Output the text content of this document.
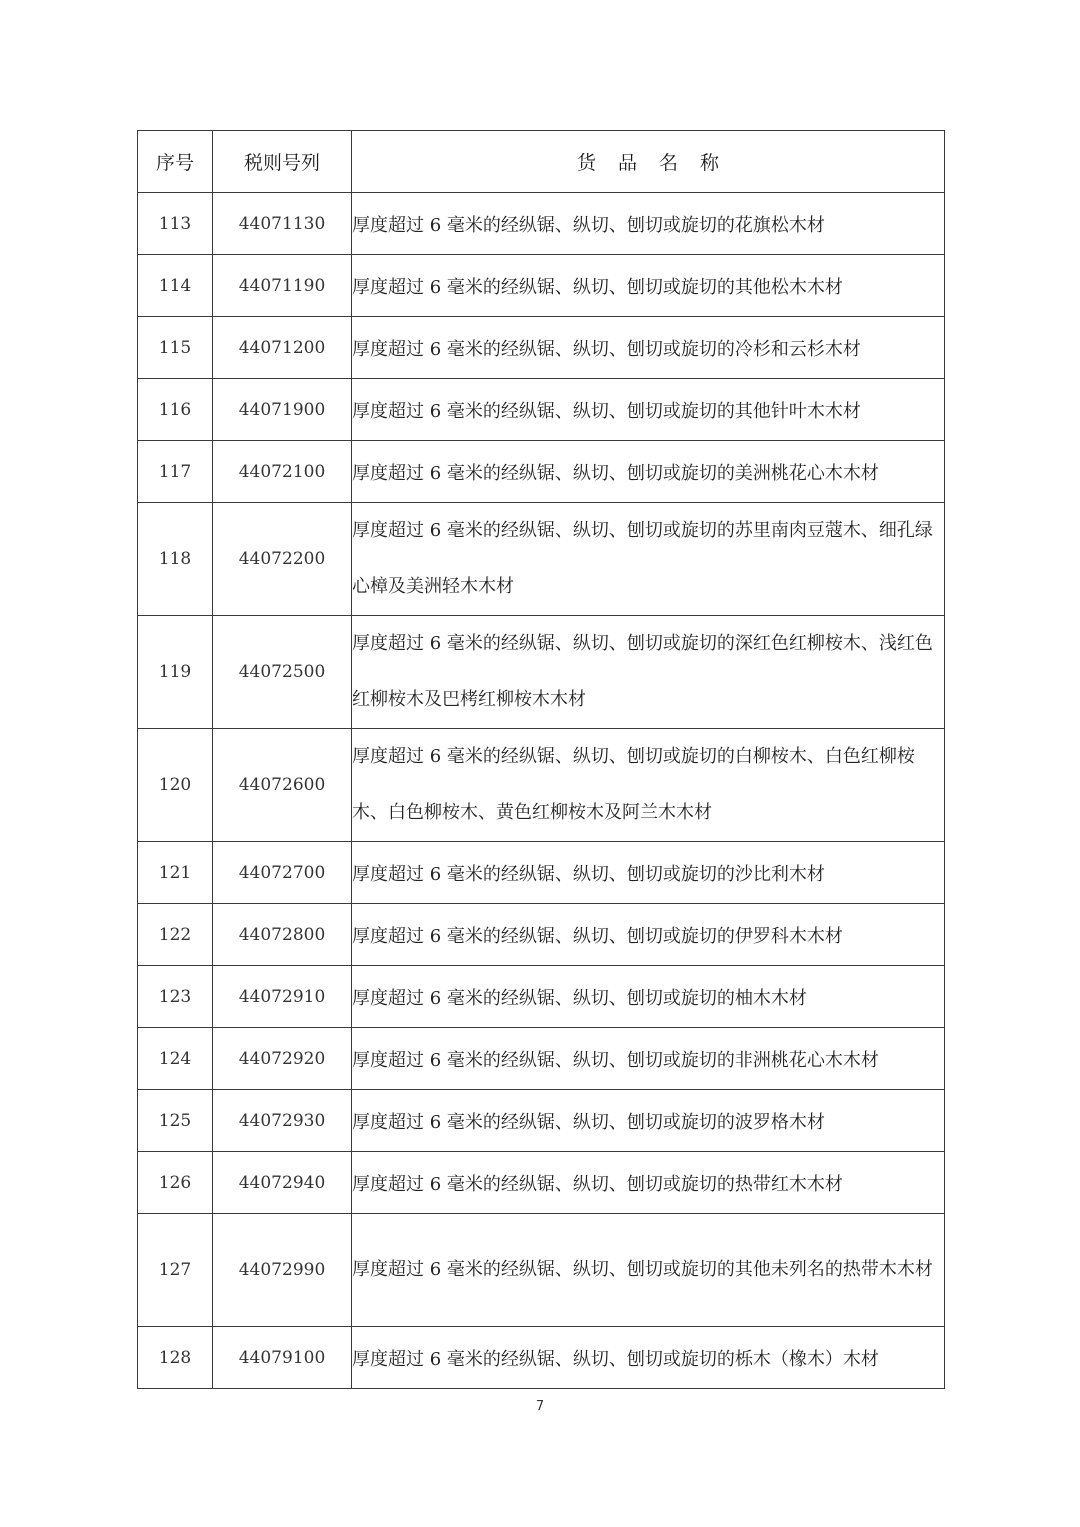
序号	税则号列	货品名称
113	44071130	厚度超过 6 毫米的经纵锯、纵切、刨切或旋切的花旗松木材
114	44071190	厚度超过 6 毫米的经纵锯、纵切、刨切或旋切的其他松木木材
115	44071200	厚度超过 6 毫米的经纵锯、纵切、刨切或旋切的冷杉和云杉木材
116	44071900	厚度超过 6 毫米的经纵锯、纵切、刨切或旋切的其他针叶木木材
117	44072100	厚度超过 6 毫米的经纵锯、纵切、刨切或旋切的美洲桃花心木木材
118	44072200	厚度超过 6 毫米的经纵锯、纵切、刨切或旋切的苏里南肉豆蔻木、细孔绿心樟及美洲轻木木材
119	44072500	厚度超过 6 毫米的经纵锯、纵切、刨切或旋切的深红色红柳桉木、浅红色红柳桉木及巴栲红柳桉木木材
120	44072600	厚度超过 6 毫米的经纵锯、纵切、刨切或旋切的白柳桉木、白色红柳桉木、白色柳桉木、黄色红柳桉木及阿兰木木材
121	44072700	厚度超过 6 毫米的经纵锯、纵切、刨切或旋切的沙比利木材
122	44072800	厚度超过 6 毫米的经纵锯、纵切、刨切或旋切的伊罗科木木材
123	44072910	厚度超过 6 毫米的经纵锯、纵切、刨切或旋切的柚木木材
124	44072920	厚度超过 6 毫米的经纵锯、纵切、刨切或旋切的非洲桃花心木木材
125	44072930	厚度超过 6 毫米的经纵锯、纵切、刨切或旋切的波罗格木材
126	44072940	厚度超过 6 毫米的经纵锯、纵切、刨切或旋切的热带红木木材
127	44072990	厚度超过 6 毫米的经纵锯、纵切、刨切或旋切的其他未列名的热带木木材
128	44079100	厚度超过 6 毫米的经纵锯、纵切、刨切或旋切的栎木（橡木）木材
7
